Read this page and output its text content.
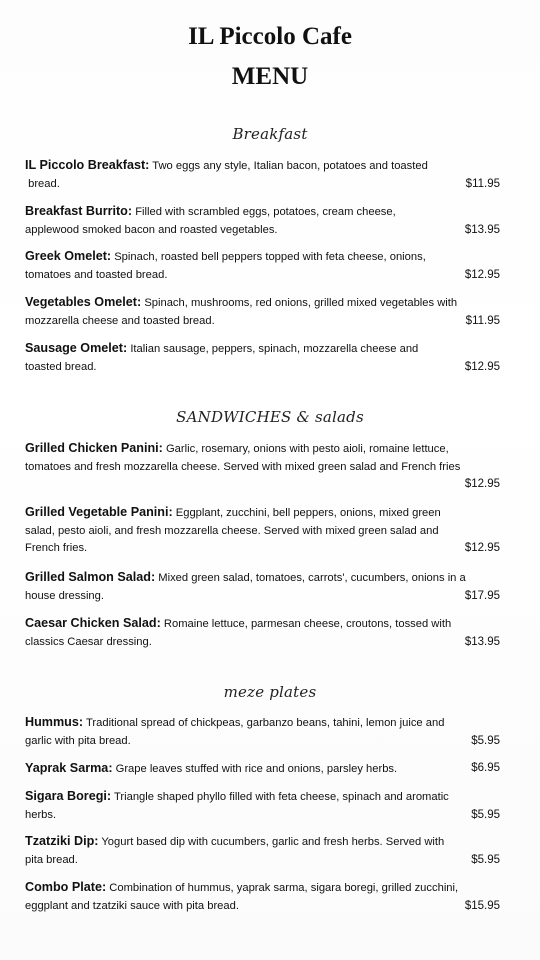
IL Piccolo Cafe
MENU
Breakfast
IL Piccolo Breakfast: Two eggs any style, Italian bacon, potatoes and toasted

$11.95
bread.
Breakfast Burrito: Filled with scrambled eggs, potatoes, cream cheese,
$13.95
applewood smoked bacon and roasted vegetables.
Greek Omelet: Spinach, roasted bell peppers topped with feta cheese, onions,
$12.95
tomatoes and toasted bread.
Vegetables Omelet: Spinach, mushrooms, red onions, grilled mixed vegetables with
$11.95
mozzarella cheese and toasted bread.
Sausage Omelet: Italian sausage, peppers, spinach, mozzarella cheese and
$12.95
toasted bread.
SANDWICHES & salads
Grilled Chicken Panini: Garlic, rosemary, onions with pesto aioli, romaine lettuce,
tomatoes and fresh mozzarella cheese. Served with mixed green salad and French fries
$12.95

Grilled Vegetable Panini: Eggplant, zucchini, bell peppers, onions, mixed green
salad, pesto aioli, and fresh mozzarella cheese. Served with mixed green salad and
$12.95
French fries.
Grilled Salmon Salad: Mixed green salad, tomatoes, carrots', cucumbers, onions in a
$17.95
house dressing.
Caesar Chicken Salad: Romaine lettuce, parmesan cheese, croutons, tossed with
$13.95
classics Caesar dressing.
meze plates
Hummus: Traditional spread of chickpeas, garbanzo beans, tahini, lemon juice and
$5.95
garlic with pita bread.
$6.95
Yaprak Sarma: Grape leaves stuffed with rice and onions, parsley herbs.
Sigara Boregi: Triangle shaped phyllo filled with feta cheese, spinach and aromatic
$5.95
herbs.
Tzatziki Dip: Yogurt based dip with cucumbers, garlic and fresh herbs. Served with
$5.95
pita bread.
Combo Plate: Combination of hummus, yaprak sarma, sigara boregi, grilled zucchini,
$15.95
eggplant and tzatziki sauce with pita bread.
